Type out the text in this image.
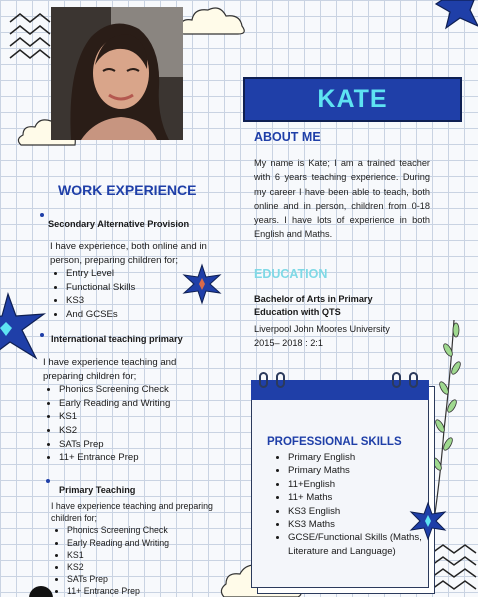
KATE
ABOUT ME
My name is Kate; I am a trained teacher with 6 years teaching experience. During my career I have been able to teach, both online and in person, children from 0-18 years. I have lots of experience in both English and Maths.
EDUCATION
Bachelor of Arts in Primary Education with QTS
Liverpool John Moores University
2015– 2018 : 2:1
WORK EXPERIENCE
Secondary Alternative Provision
I have experience, both online and in person, preparing children for;
• Entry Level
• Functional Skills
• KS3
• And GCSEs
International teaching primary
I have experience teaching and preparing children for;
• Phonics Screening Check
• Early Reading and Writing
• KS1
• KS2
• SATs Prep
• 11+ Entrance Prep
Primary Teaching
I have experience teaching and preparing children for;
• Phonics Screening Check
• Early Reading and Writing
• KS1
• KS2
• SATs Prep
• 11+ Entrance Prep
PROFESSIONAL SKILLS
• Primary English
• Primary Maths
• 11+English
• 11+ Maths
• KS3 English
• KS3 Maths
• GCSE/Functional Skills (Maths, Literature and Language)
